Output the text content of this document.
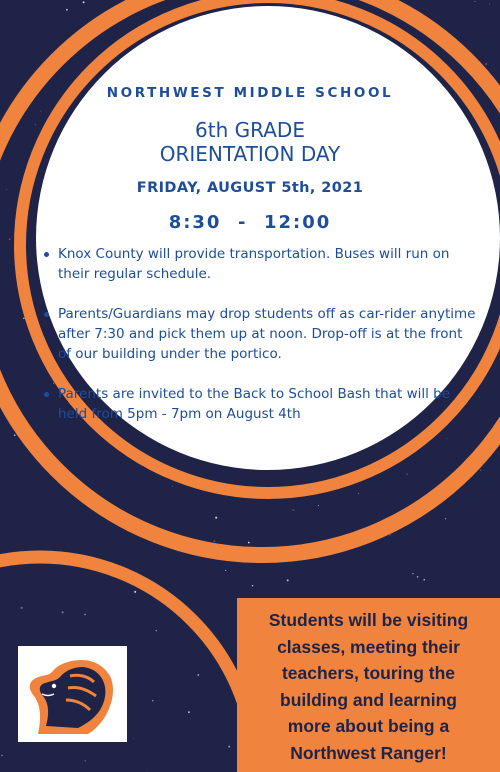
NORTHWEST MIDDLE SCHOOL
6th GRADE
ORIENTATION DAY
FRIDAY, AUGUST 5th, 2021
8:30  -  12:00
Knox County will provide transportation. Buses will run on their regular schedule.
Parents/Guardians may drop students off as car-rider anytime after 7:30 and pick them up at noon. Drop-off is at the front of our building under the portico.
Parents are invited to the Back to School Bash that will be held from 5pm - 7pm on August 4th
Students will be visiting
classes, meeting their
teachers, touring the
building and learning
more about being a
Northwest Ranger!
